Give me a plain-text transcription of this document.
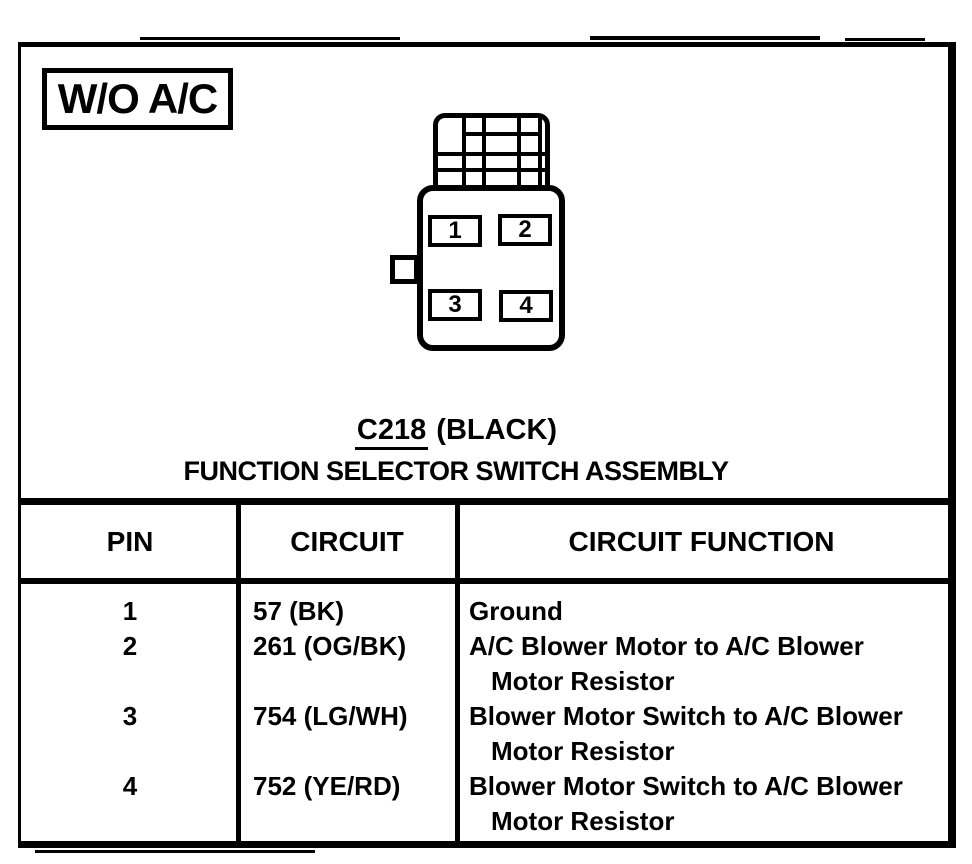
W/O A/C
1 2
3 4
C218 (BLACK)
FUNCTION SELECTOR SWITCH ASSEMBLY
PIN	CIRCUIT	CIRCUIT FUNCTION
1	57 (BK)	Ground
2	261 (OG/BK)	A/C Blower Motor to A/C Blower
Motor Resistor
3	754 (LG/WH)	Blower Motor Switch to A/C Blower
Motor Resistor
4	752 (YE/RD)	Blower Motor Switch to A/C Blower
Motor Resistor
